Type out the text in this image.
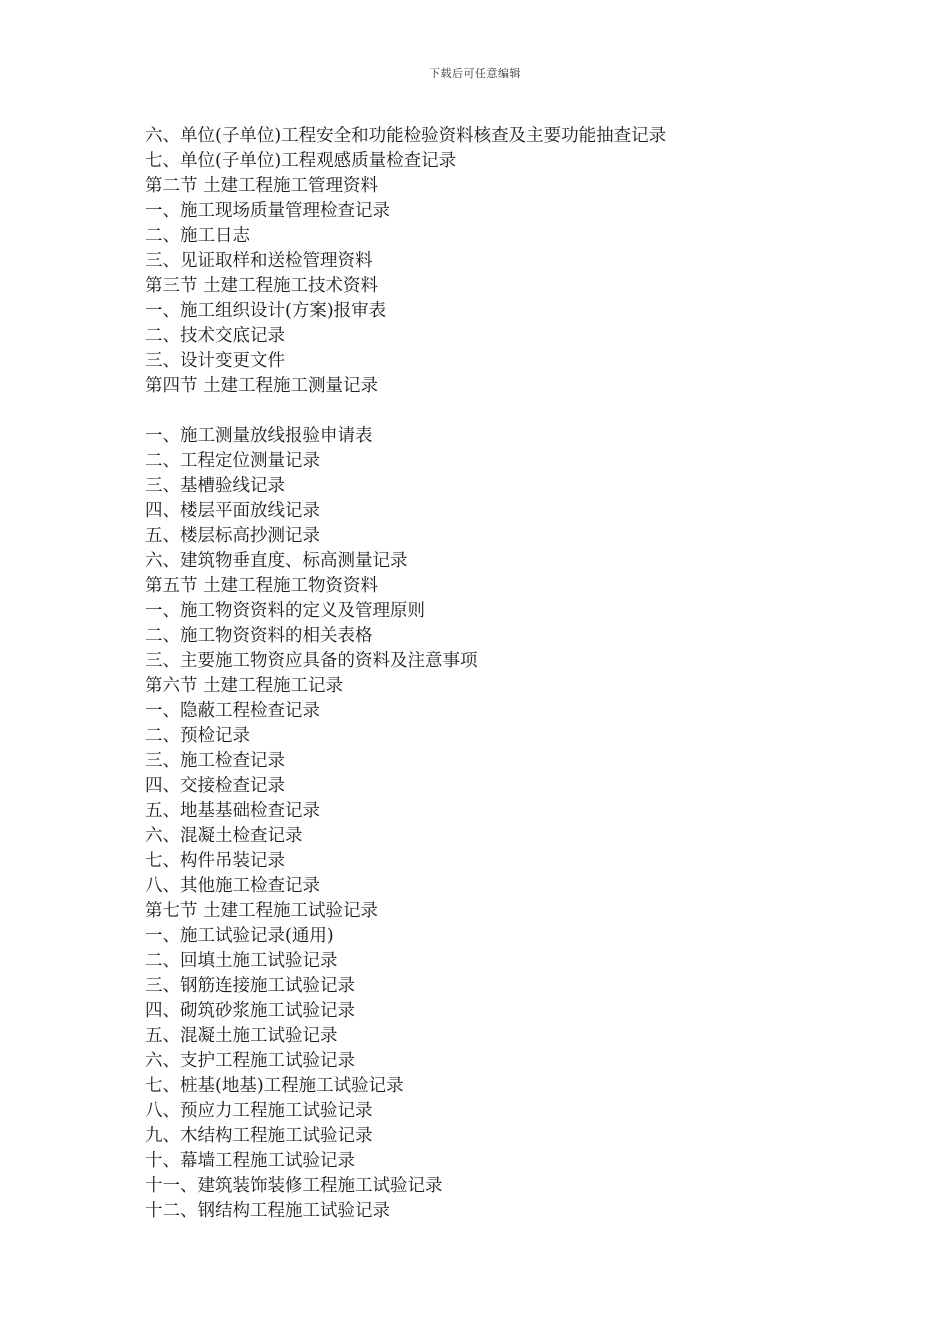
下载后可任意编辑
六、单位(子单位)工程安全和功能检验资料核查及主要功能抽查记录
七、单位(子单位)工程观感质量检查记录
第二节 土建工程施工管理资料
一、施工现场质量管理检查记录
二、施工日志
三、见证取样和送检管理资料
第三节 土建工程施工技术资料
一、施工组织设计(方案)报审表
二、技术交底记录
三、设计变更文件
第四节 土建工程施工测量记录
一、施工测量放线报验申请表
二、工程定位测量记录
三、基槽验线记录
四、楼层平面放线记录
五、楼层标高抄测记录
六、建筑物垂直度、标高测量记录
第五节 土建工程施工物资资料
一、施工物资资料的定义及管理原则
二、施工物资资料的相关表格
三、主要施工物资应具备的资料及注意事项
第六节 土建工程施工记录
一、隐蔽工程检查记录
二、预检记录
三、施工检查记录
四、交接检查记录
五、地基基础检查记录
六、混凝土检查记录
七、构件吊装记录
八、其他施工检查记录
第七节 土建工程施工试验记录
一、施工试验记录(通用)
二、回填土施工试验记录
三、钢筋连接施工试验记录
四、砌筑砂浆施工试验记录
五、混凝土施工试验记录
六、支护工程施工试验记录
七、桩基(地基)工程施工试验记录
八、预应力工程施工试验记录
九、木结构工程施工试验记录
十、幕墙工程施工试验记录
十一、建筑装饰装修工程施工试验记录
十二、钢结构工程施工试验记录
